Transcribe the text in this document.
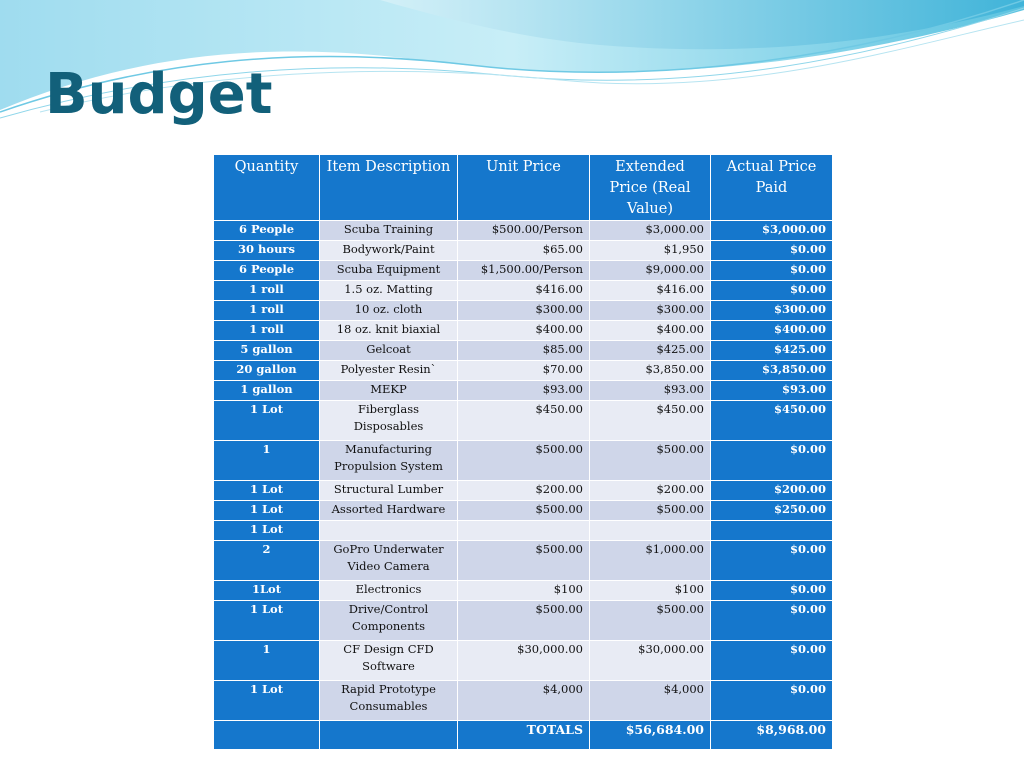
Budget
Quantity	Item Description	Unit Price	Extended Price (Real Value)	Actual Price Paid
6 People	Scuba Training	$500.00/Person	$3,000.00	$3,000.00
30 hours	Bodywork/Paint	$65.00	$1,950	$0.00
6 People	Scuba Equipment	$1,500.00/Person	$9,000.00	$0.00
1 roll	1.5 oz. Matting	$416.00	$416.00	$0.00
1 roll	10 oz. cloth	$300.00	$300.00	$300.00
1 roll	18 oz. knit biaxial	$400.00	$400.00	$400.00
5 gallon	Gelcoat	$85.00	$425.00	$425.00
20 gallon	Polyester Resin`	$70.00	$3,850.00	$3,850.00
1 gallon	MEKP	$93.00	$93.00	$93.00
1 Lot	Fiberglass Disposables	$450.00	$450.00	$450.00
1	Manufacturing Propulsion System	$500.00	$500.00	$0.00
1 Lot	Structural Lumber	$200.00	$200.00	$200.00
1 Lot	Assorted Hardware	$500.00	$500.00	$250.00
1 Lot				
2	GoPro Underwater Video Camera	$500.00	$1,000.00	$0.00
1Lot	Electronics	$100	$100	$0.00
1 Lot	Drive/Control Components	$500.00	$500.00	$0.00
1	CF Design CFD Software	$30,000.00	$30,000.00	$0.00
1 Lot	Rapid Prototype Consumables	$4,000	$4,000	$0.00
		TOTALS	$56,684.00	$8,968.00
